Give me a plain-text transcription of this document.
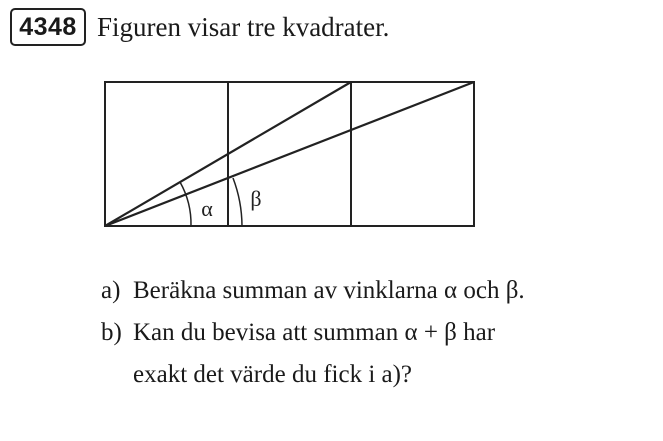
4348 Figuren visar tre kvadrater.
α β
a) Beräkna summan av vinklarna α och β.
b) Kan du bevisa att summan α + β har
exakt det värde du fick i a)?
